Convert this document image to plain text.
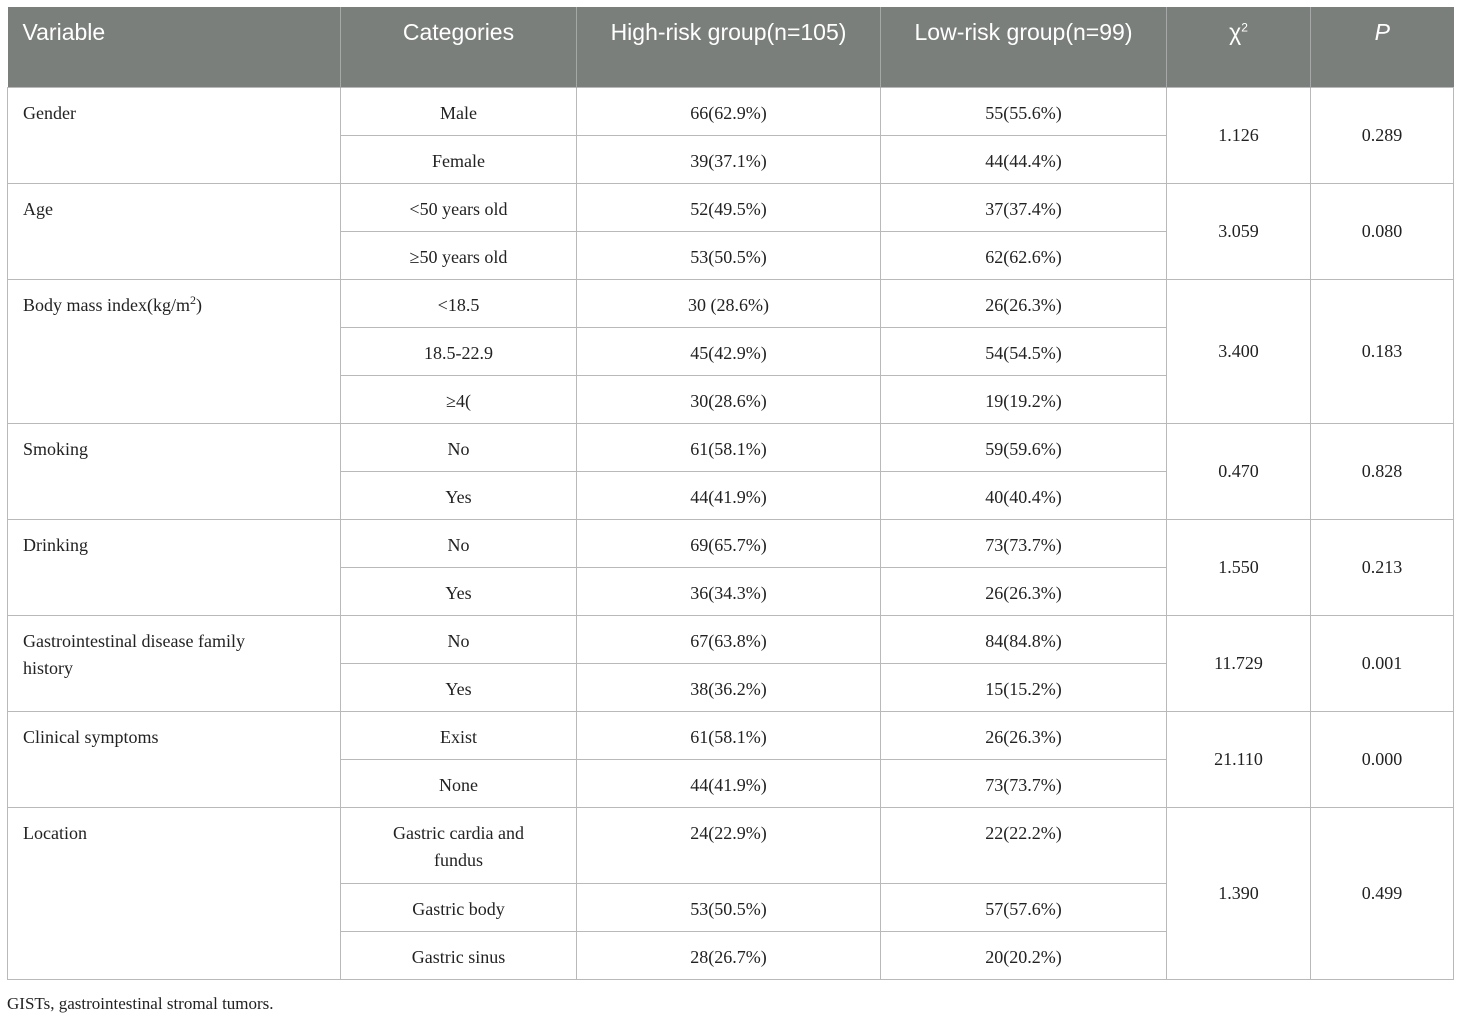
Variable	Categories	High-risk group(n=105)	Low-risk group(n=99)	$\chi^2$	P
Gender	Male	66(62.9%)	55(55.6%)	1.126	0.289
	Female	39(37.1%)	44(44.4%)		
Age	<50 years old	52(49.5%)	37(37.4%)	3.059	0.080
	≥50 years old	53(50.5%)	62(62.6%)		
Body mass $index(kg/m^2)$	<18.5	30 (28.6%)	26(26.3%)	3.400	0.183
	18.5-22.9	45(42.9%)	54(54.5%)		
	≥4(	30(28.6%)	19(19.2%)		
Smoking	No	61(58.1%)	59(59.6%)	0.470	0.828
	Yes	44(41.9%)	40(40.4%)		
Drinking	No	69(65.7%)	73(73.7%)	1.550	0.213
	Yes	36(34.3%)	26(26.3%)		
Gastrointestinal disease family history	No	67(63.8%)	84(84.8%)	11.729	0.001
	Yes	38(36.2%)	15(15.2%)		
Clinical symptoms	Exist	61(58.1%)	26(26.3%)	21.110	0.000
	None	44(41.9%)	73(73.7%)		
Location	Gastric cardia and fundus	24(22.9%)	22(22.2%)	1.390	0.499
	Gastric body	53(50.5%)	57(57.6%)		
	Gastric sinus	28(26.7%)	20(20.2%)		
GISTs, gastrointestinal stromal tumors.
